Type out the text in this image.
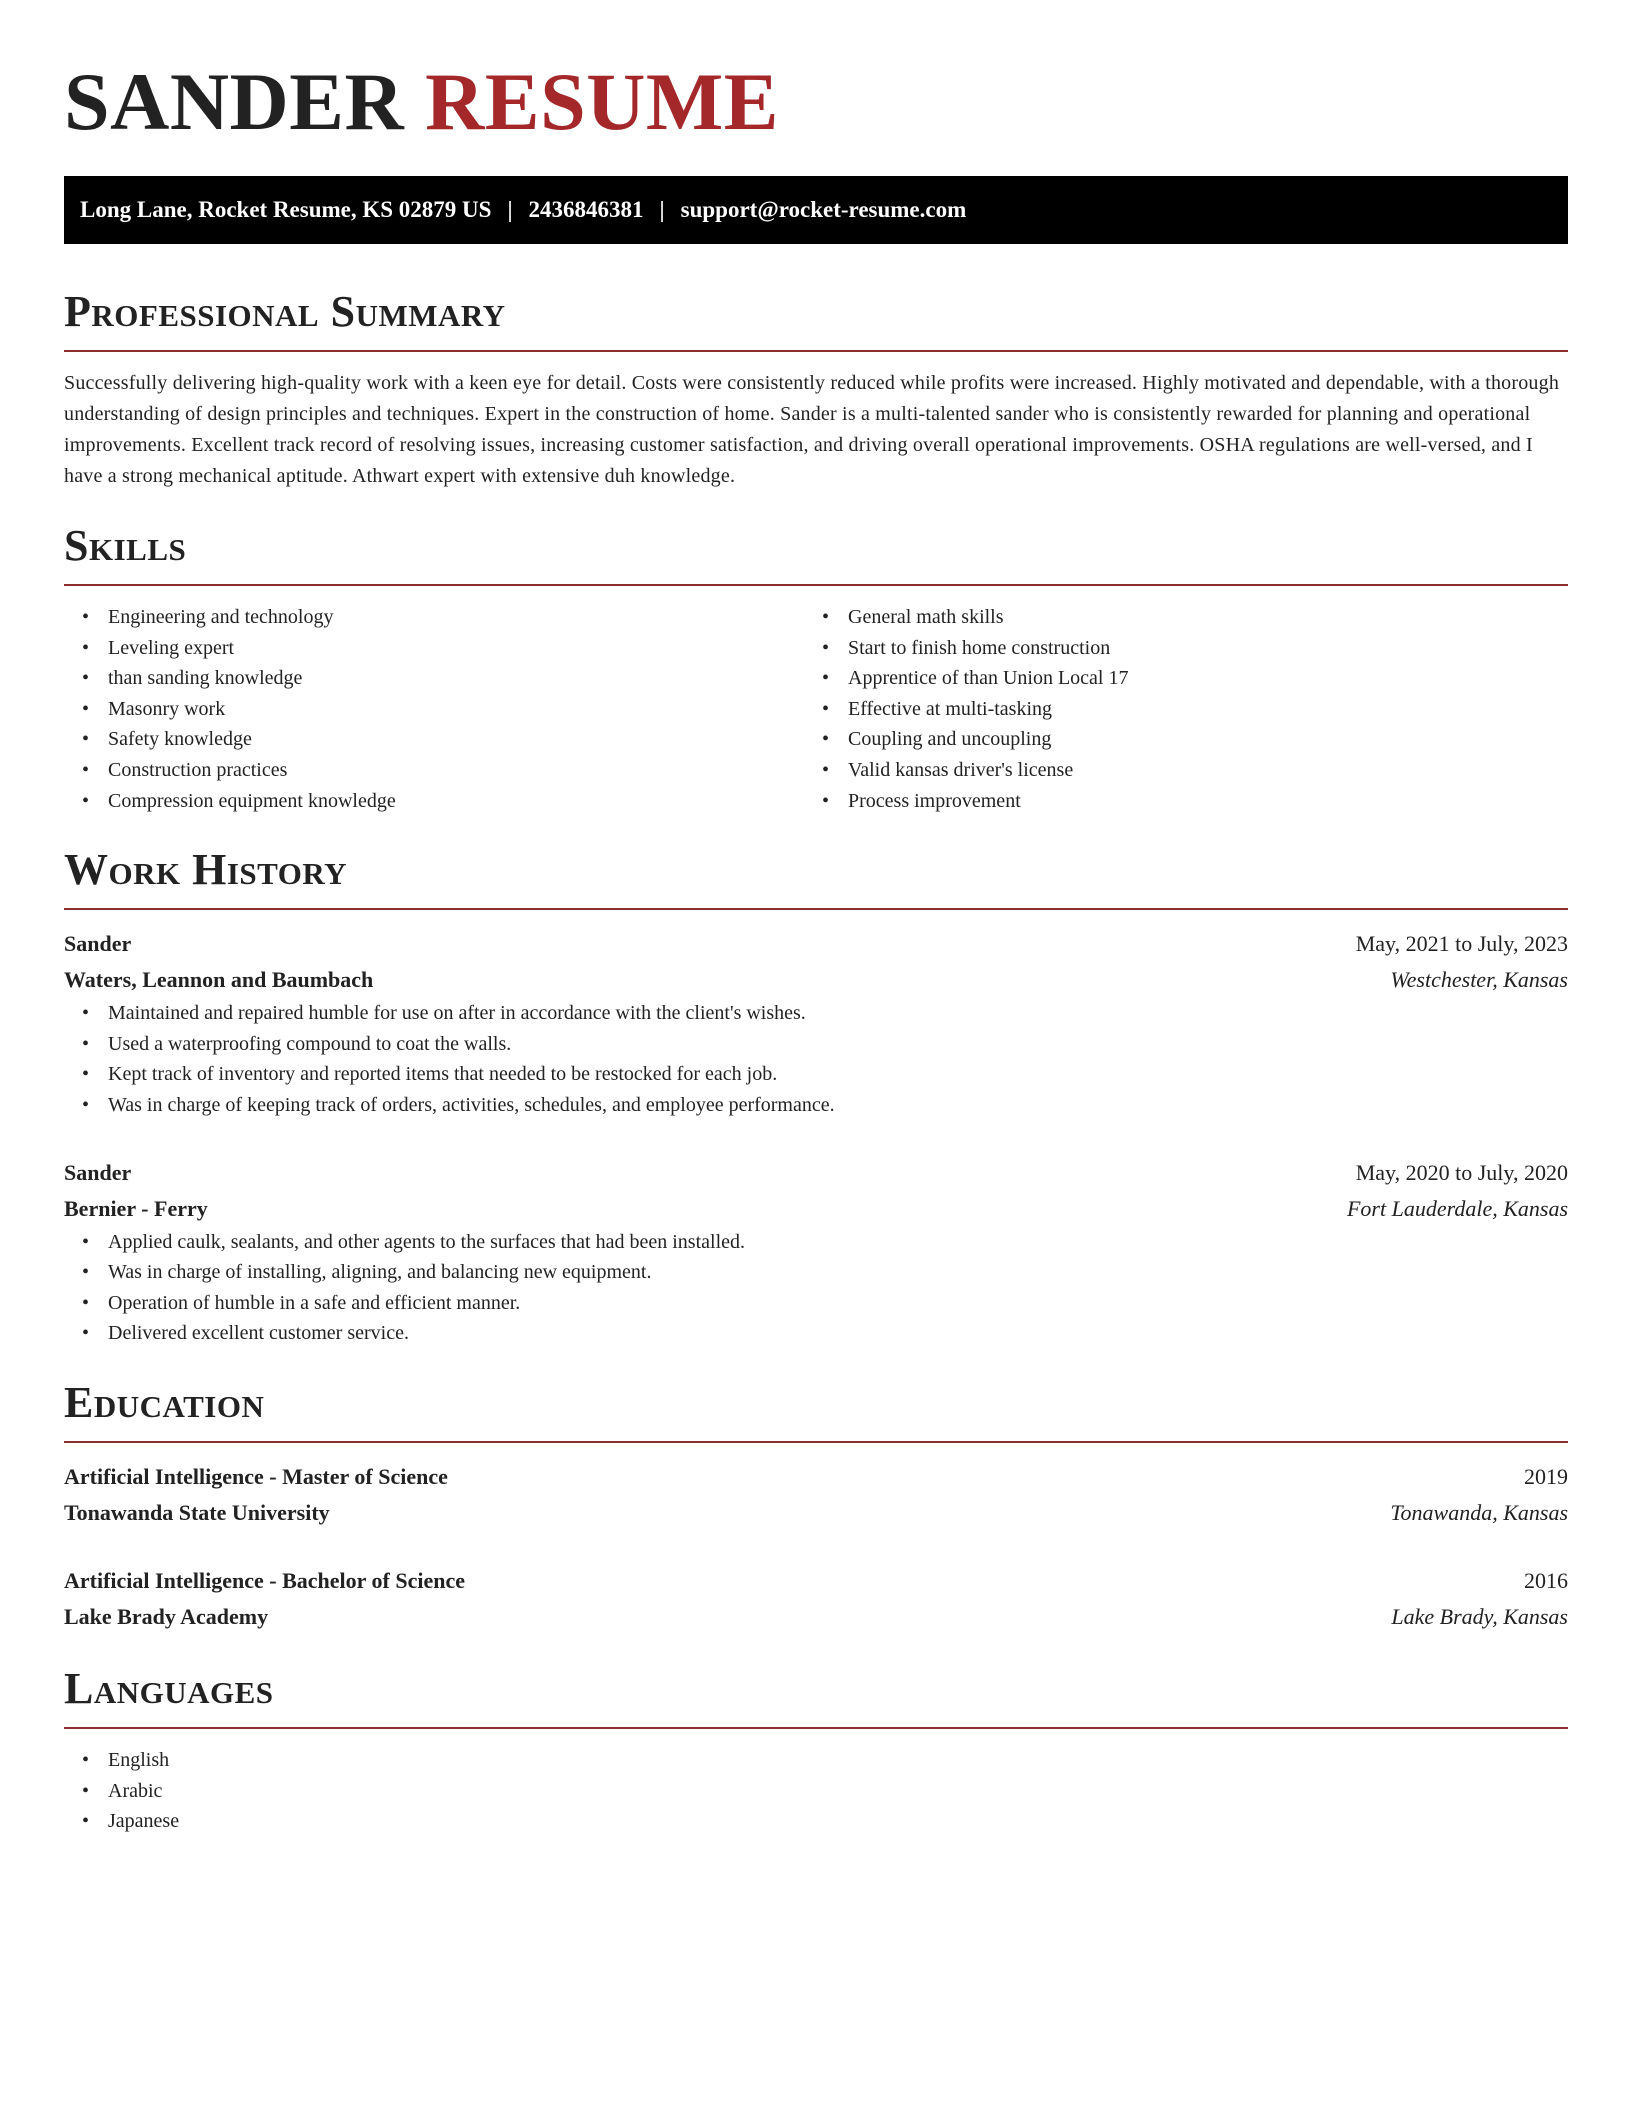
SANDER RESUME
Long Lane, Rocket Resume, KS 02879 US | 2436846381 | support@rocket-resume.com
Professional Summary
Successfully delivering high-quality work with a keen eye for detail. Costs were consistently reduced while profits were increased. Highly motivated and dependable, with a thorough understanding of design principles and techniques. Expert in the construction of home. Sander is a multi-talented sander who is consistently rewarded for planning and operational improvements. Excellent track record of resolving issues, increasing customer satisfaction, and driving overall operational improvements. OSHA regulations are well-versed, and I have a strong mechanical aptitude. Athwart expert with extensive duh knowledge.
Skills
• Engineering and technology
• Leveling expert
• than sanding knowledge
• Masonry work
• Safety knowledge
• Construction practices
• Compression equipment knowledge
• General math skills
• Start to finish home construction
• Apprentice of than Union Local 17
• Effective at multi-tasking
• Coupling and uncoupling
• Valid kansas driver's license
• Process improvement
Work History
Sander	May, 2021 to July, 2023
Waters, Leannon and Baumbach	Westchester, Kansas
• Maintained and repaired humble for use on after in accordance with the client's wishes.
• Used a waterproofing compound to coat the walls.
• Kept track of inventory and reported items that needed to be restocked for each job.
• Was in charge of keeping track of orders, activities, schedules, and employee performance.
Sander	May, 2020 to July, 2020
Bernier - Ferry	Fort Lauderdale, Kansas
• Applied caulk, sealants, and other agents to the surfaces that had been installed.
• Was in charge of installing, aligning, and balancing new equipment.
• Operation of humble in a safe and efficient manner.
• Delivered excellent customer service.
Education
Artificial Intelligence - Master of Science	2019
Tonawanda State University	Tonawanda, Kansas
Artificial Intelligence - Bachelor of Science	2016
Lake Brady Academy	Lake Brady, Kansas
Languages
• English
• Arabic
• Japanese
